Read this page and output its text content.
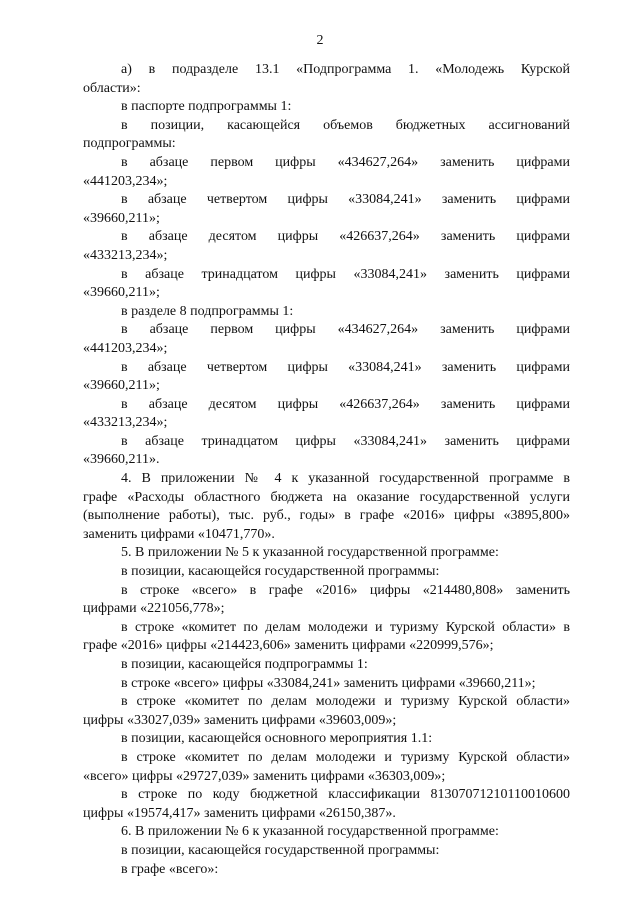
2
а) в подразделе 13.1 «Подпрограмма 1. «Молодежь Курской
области»:
в паспорте подпрограммы 1:
в позиции, касающейся объемов бюджетных ассигнований
подпрограммы:
в абзаце первом цифры «434627,264» заменить цифрами
«441203,234»;
в абзаце четвертом цифры «33084,241» заменить цифрами
«39660,211»;
в абзаце десятом цифры «426637,264» заменить цифрами
«433213,234»;
в абзаце тринадцатом цифры «33084,241» заменить цифрами
«39660,211»;
в разделе 8 подпрограммы 1:
в абзаце первом цифры «434627,264» заменить цифрами
«441203,234»;
в абзаце четвертом цифры «33084,241» заменить цифрами
«39660,211»;
в абзаце десятом цифры «426637,264» заменить цифрами
«433213,234»;
в абзаце тринадцатом цифры «33084,241» заменить цифрами
«39660,211».
4. В приложении № 4 к указанной государственной программе в
графе «Расходы областного бюджета на оказание государственной услуги
(выполнение работы), тыс. руб., годы» в графе «2016» цифры «3895,800»
заменить цифрами «10471,770».
5. В приложении № 5 к указанной государственной программе:
в позиции, касающейся государственной программы:
в строке «всего» в графе «2016» цифры «214480,808» заменить
цифрами «221056,778»;
в строке «комитет по делам молодежи и туризму Курской области» в
графе «2016» цифры «214423,606» заменить цифрами «220999,576»;
в позиции, касающейся подпрограммы 1:
в строке «всего» цифры «33084,241» заменить цифрами «39660,211»;
в строке «комитет по делам молодежи и туризму Курской области»
цифры «33027,039» заменить цифрами «39603,009»;
в позиции, касающейся основного мероприятия 1.1:
в строке «комитет по делам молодежи и туризму Курской области»
«всего» цифры «29727,039» заменить цифрами «36303,009»;
в строке по коду бюджетной классификации 81307071210110010600
цифры «19574,417» заменить цифрами «26150,387».
6. В приложении № 6 к указанной государственной программе:
в позиции, касающейся государственной программы:
в графе «всего»:
